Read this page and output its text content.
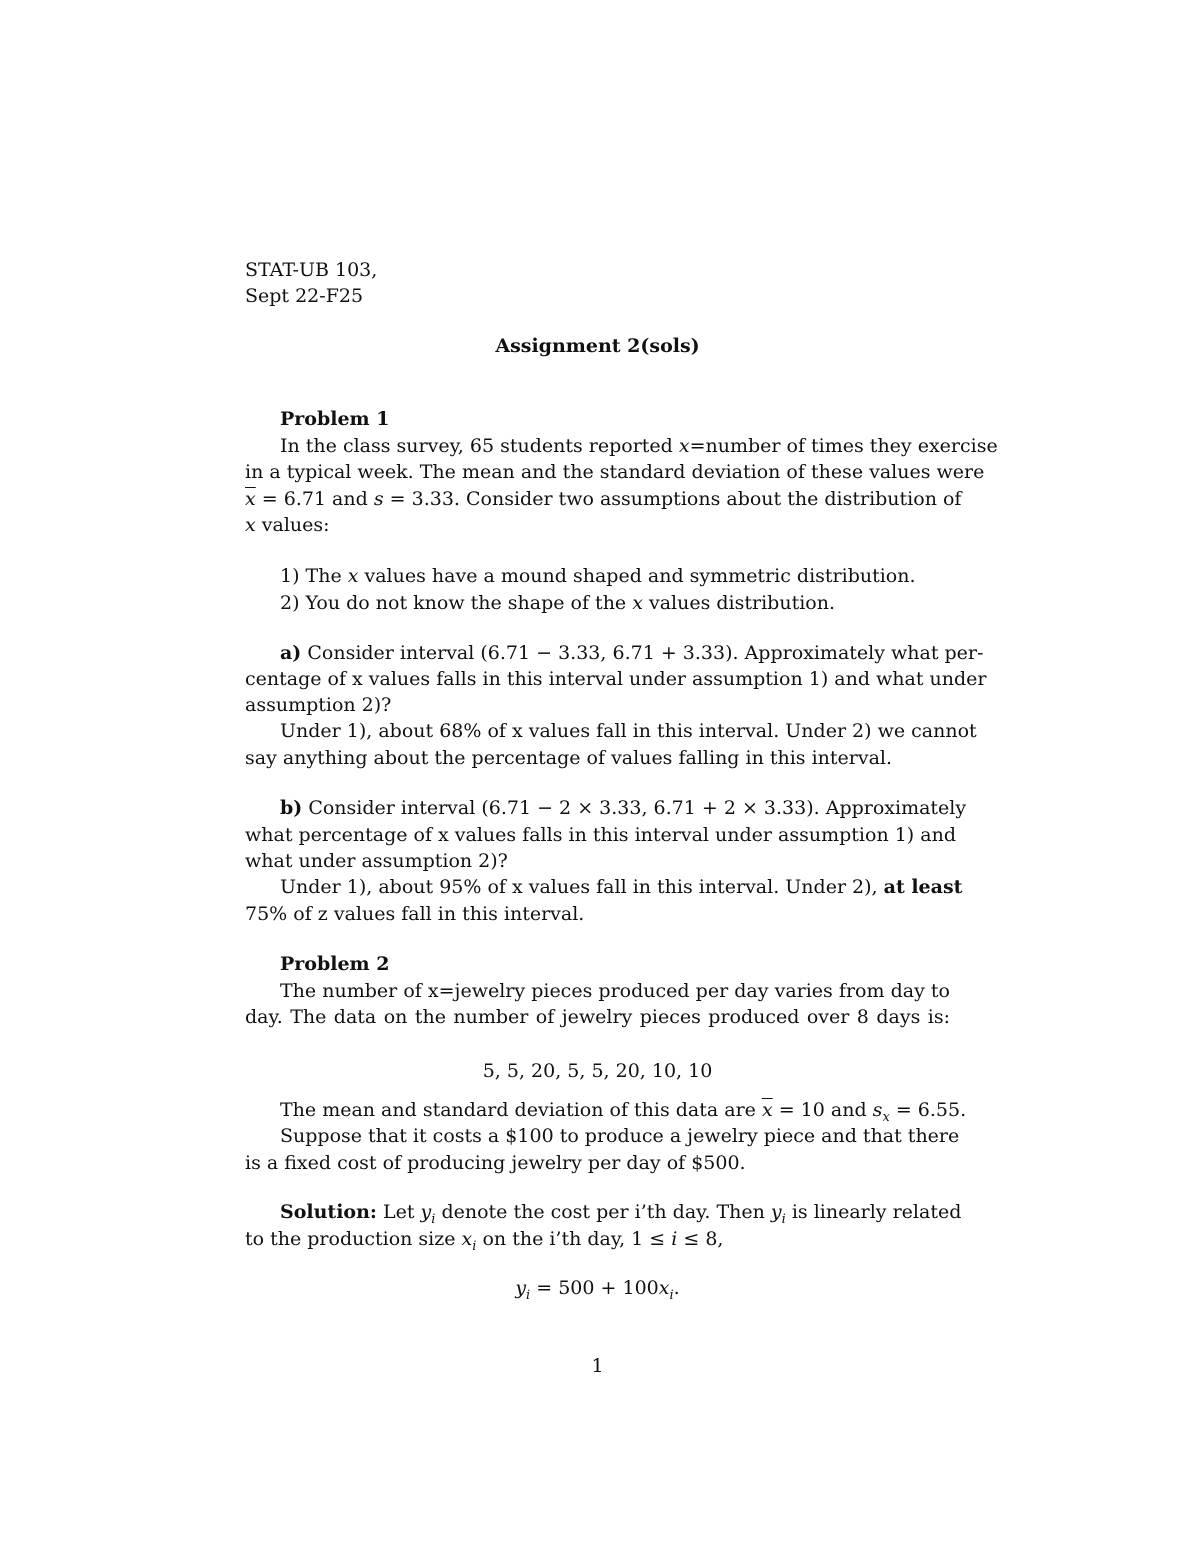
STAT-UB 103,
Sept 22-F25
Assignment 2(sols)
Problem 1
In the class survey, 65 students reported x=number of times they exercise
in a typical week. The mean and the standard deviation of these values were
$\overline{x} = 6.71$ and s = 3.33. Consider two assumptions about the distribution of
x values:
1) The x values have a mound shaped and symmetric distribution.
2) You do not know the shape of the x values distribution.
a) Consider interval (6.71 − 3.33, 6.71 + 3.33). Approximately what per-
centage of x values falls in this interval under assumption 1) and what under
assumption 2)?
Under 1), about 68% of x values fall in this interval. Under 2) we cannot
say anything about the percentage of values falling in this interval.
b) Consider interval (6.71 − 2 × 3.33, 6.71 + 2 × 3.33). Approximately
what percentage of x values falls in this interval under assumption 1) and
what under assumption 2)?
Under 1), about 95% of x values fall in this interval. Under 2), at least
75% of z values fall in this interval.
Problem 2
The number of x=jewelry pieces produced per day varies from day to
day. The data on the number of jewelry pieces produced over 8 days is:
5, 5, 20, 5, 5, 20, 10, 10
The mean and standard deviation of this data are $\overline{x} = 10$ and $s_x = 6.55$.
Suppose that it costs a $100 to produce a jewelry piece and that there
is a fixed cost of producing jewelry per day of $500.
Solution: Let $y_i$ denote the cost per i’th day. Then $y_i$ is linearly related
to the production size $x_i$ on the i’th day, 1 ≤ i ≤ 8,
$y_i = 500 + 100x_i$.
1
